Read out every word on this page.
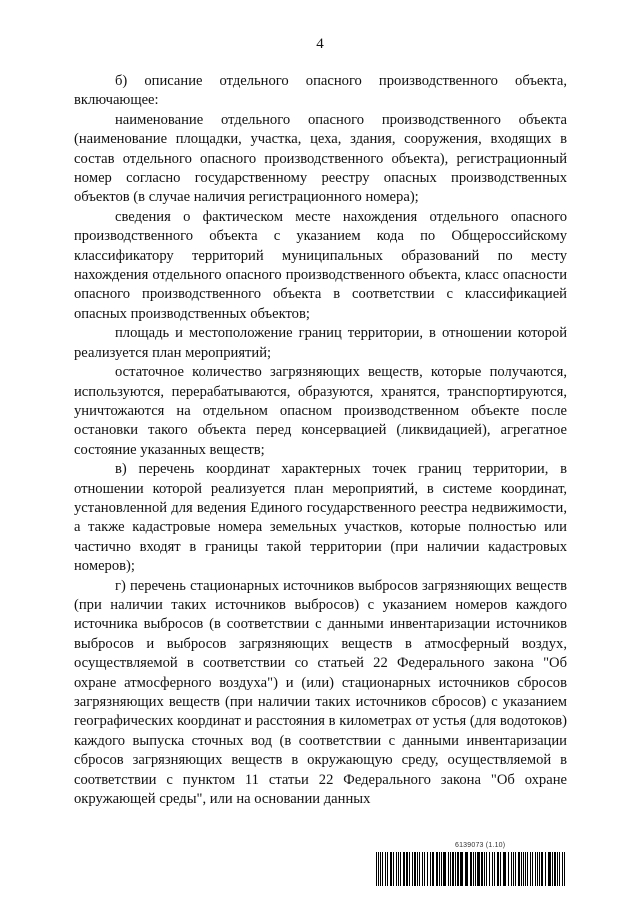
4

б) описание отдельного опасного производственного объекта, включающее:

наименование отдельного опасного производственного объекта (наименование площадки, участка, цеха, здания, сооружения, входящих в состав отдельного опасного производственного объекта), регистрационный номер согласно государственному реестру опасных производственных объектов (в случае наличия регистрационного номера);

сведения о фактическом месте нахождения отдельного опасного производственного объекта с указанием кода по Общероссийскому классификатору территорий муниципальных образований по месту нахождения отдельного опасного производственного объекта, класс опасности опасного производственного объекта в соответствии с классификацией опасных производственных объектов;

площадь и местоположение границ территории, в отношении которой реализуется план мероприятий;

остаточное количество загрязняющих веществ, которые получаются, используются, перерабатываются, образуются, хранятся, транспортируются, уничтожаются на отдельном опасном производственном объекте после остановки такого объекта перед консервацией (ликвидацией), агрегатное состояние указанных веществ;

в) перечень координат характерных точек границ территории, в отношении которой реализуется план мероприятий, в системе координат, установленной для ведения Единого государственного реестра недвижимости, а также кадастровые номера земельных участков, которые полностью или частично входят в границы такой территории (при наличии кадастровых номеров);

г) перечень стационарных источников выбросов загрязняющих веществ (при наличии таких источников выбросов) с указанием номеров каждого источника выбросов (в соответствии с данными инвентаризации источников выбросов и выбросов загрязняющих веществ в атмосферный воздух, осуществляемой в соответствии со статьей 22 Федерального закона "Об охране атмосферного воздуха") и (или) стационарных источников сбросов загрязняющих веществ (при наличии таких источников сбросов) с указанием географических координат и расстояния в километрах от устья (для водотоков) каждого выпуска сточных вод (в соответствии с данными инвентаризации сбросов загрязняющих веществ в окружающую среду, осуществляемой в соответствии с пунктом 11 статьи 22 Федерального закона "Об охране окружающей среды", или на основании данных

6139073 (1.10)
